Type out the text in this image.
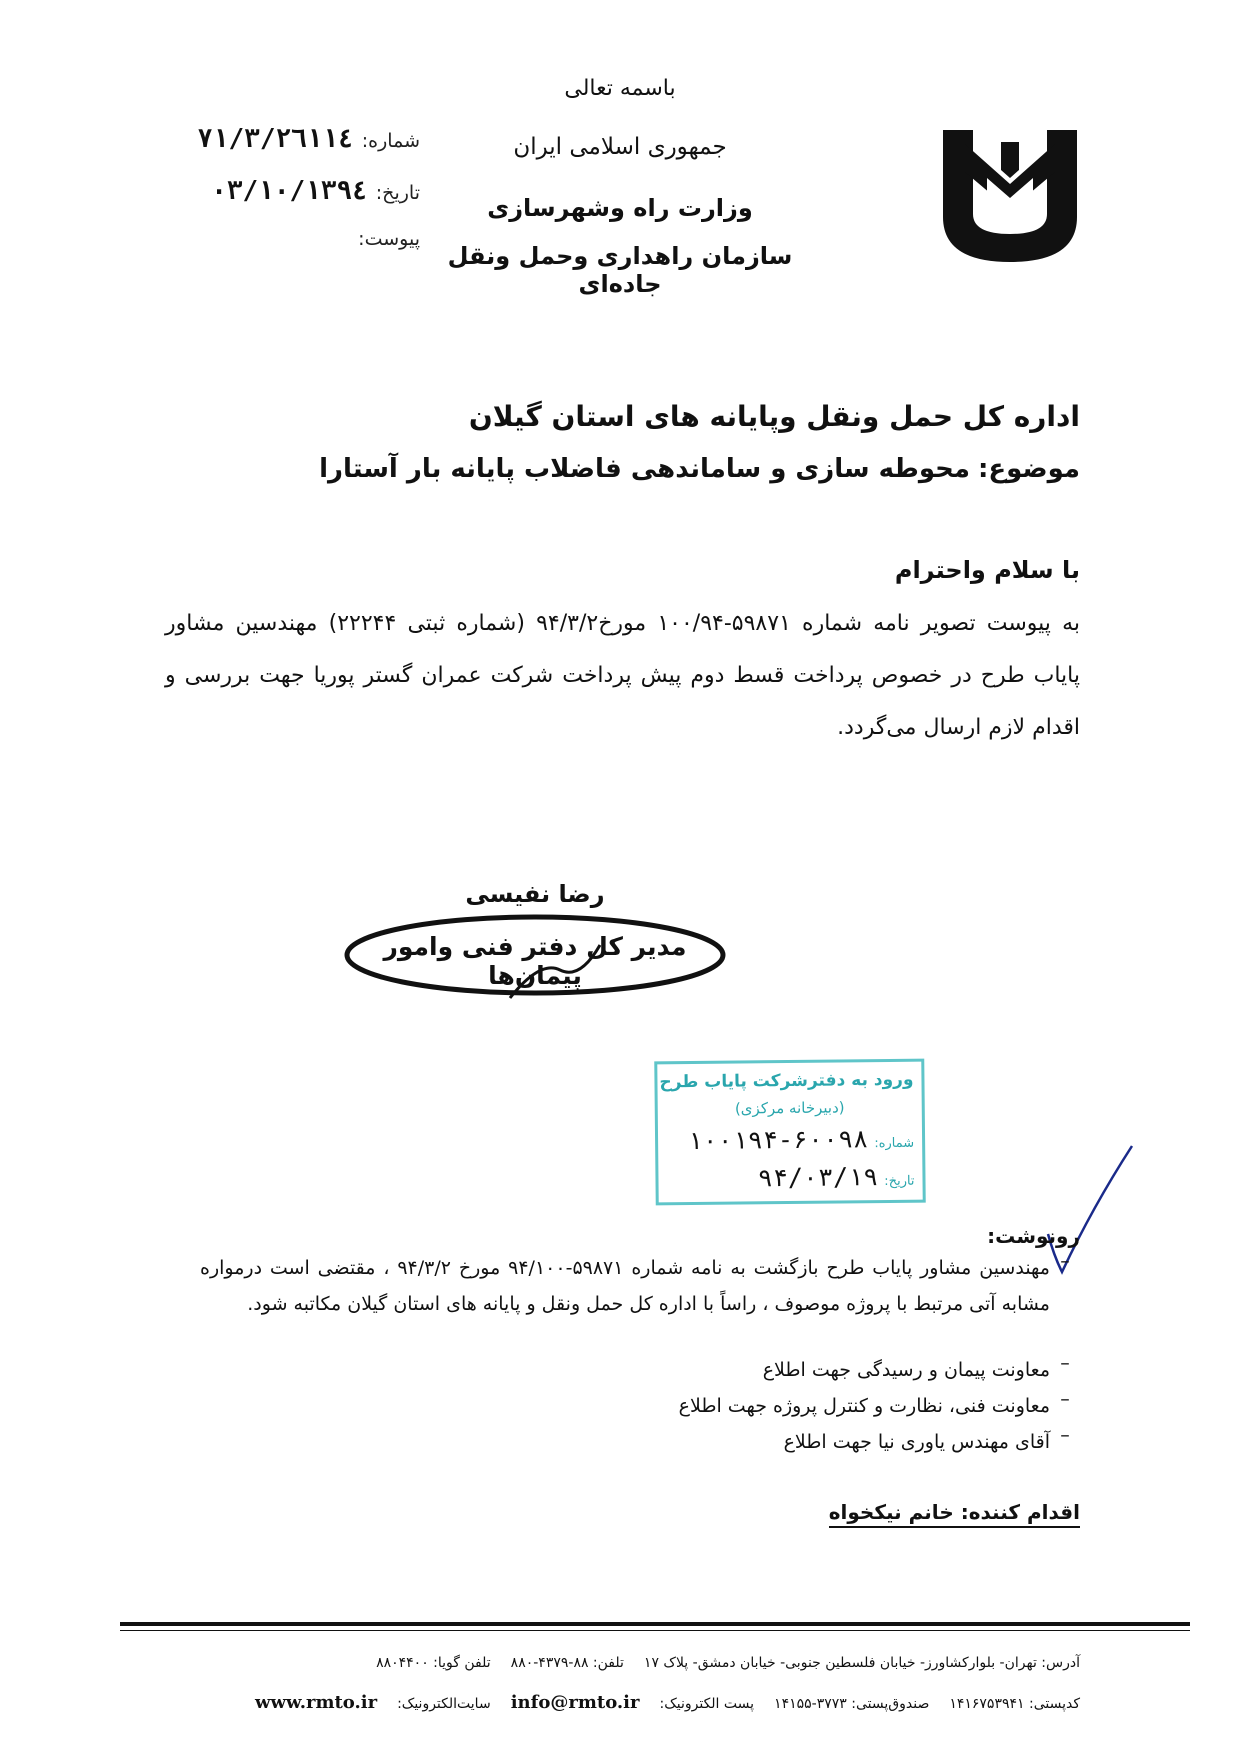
باسمه تعالی
جمهوری اسلامی ایران
وزارت راه وشهرسازی
سازمان راهداری وحمل ونقل جاده‌ای
شماره:
۲٦۱۱٤/۷۱/۳
تاریخ:
۱۳۹٤/۰۳/۱۰
پیوست:
اداره کل حمل ونقل وپایانه های استان گیلان
موضوع:محوطه سازی و ساماندهی فاضلاب پایانه بار آستارا
با سلام واحترام
به پیوست تصویر نامه شماره ۵۹۸۷۱-۱۰۰/۹۴ مورخ۹۴/۳/۲ (شماره ثبتی ۲۲۲۴۴) مهندسین مشاور پایاب طرح در خصوص پرداخت قسط دوم پیش پرداخت شرکت عمران گستر پوریا جهت بررسی و اقدام لازم ارسال می‌گردد.
رضا نفیسی
مدیر کل دفتر فنی وامور پیمان‌ها
ورود به دفترشرکت پایاب طرح
(دبیرخانه مرکزی)
شماره:
۱۰۰۱۹۴-۶۰۰۹۸
تاریخ:
۹۴/۰۳/۱۹
رونوشت:
–
مهندسین مشاور پایاب طرح بازگشت به نامه شماره ۵۹۸۷۱-۹۴/۱۰۰ مورخ ۹۴/۳/۲ ، مقتضی است درمواره مشابه آتی مرتبط با پروژه موصوف ، راساً با اداره کل حمل ونقل و پایانه های استان گیلان مکاتبه شود.
–
معاونت پیمان و رسیدگی جهت اطلاع
–
معاونت فنی، نظارت و کنترل پروژه جهت اطلاع
–
آقای مهندس یاوری نیا جهت اطلاع
اقدام کننده: خانم نیکخواه
آدرس: تهران- بلوارکشاورز- خیابان فلسطین جنوبی- خیابان دمشق- پلاک ۱۷
تلفن: ۸۸-۴۳۷۹-۸۸۰
تلفن گویا: ۸۸۰۴۴۰۰
کدپستی: ۱۴۱۶۷۵۳۹۴۱
صندوق‌پستی: ۳۷۷۳-۱۴۱۵۵
پست الکترونیک:
info@rmto.ir
سایت‌الکترونیک:
www.rmto.ir
